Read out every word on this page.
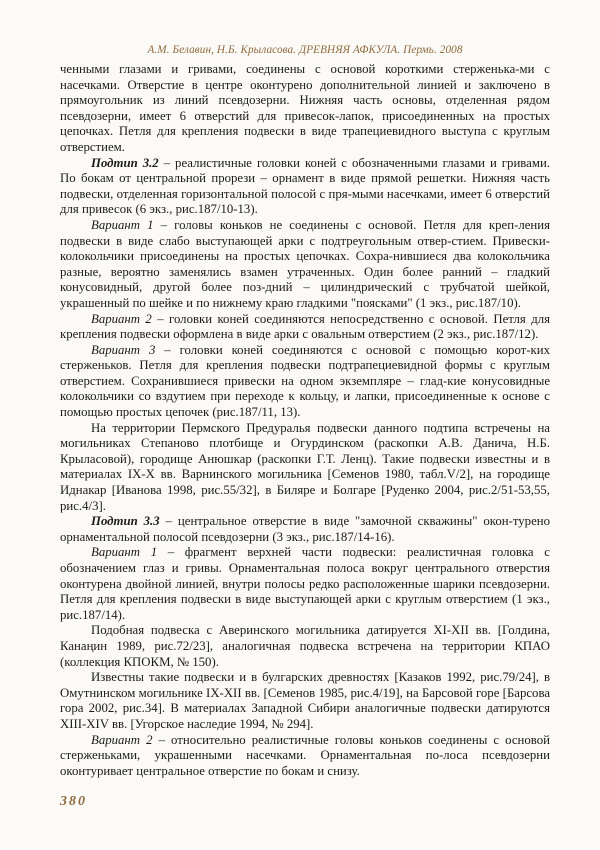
А.М. Белавин, Н.Б. Крыласова. ДРЕВНЯЯ АФКУЛА. Пермь. 2008

ченными глазами и гривами, соединены с основой короткими стерженька-ми с насечками. Отверстие в центре оконтурено дополнительной линией и заключено в прямоугольник из линий псевдозерни. Нижняя часть основы, отделенная рядом псевдозерни, имеет 6 отверстий для привесок-лапок, присоединенных на простых цепочках. Петля для крепления подвески в виде трапециевидного выступа с круглым отверстием.

Подтип 3.2 – реалистичные головки коней с обозначенными глазами и гривами. По бокам от центральной прорези – орнамент в виде прямой решетки. Нижняя часть подвески, отделенная горизонтальной полосой с пря-мыми насечками, имеет 6 отверстий для привесок (6 экз., рис.187/10-13).

Вариант 1 – головы коньков не соединены с основой. Петля для креп-ления подвески в виде слабо выступающей арки с подтреугольным отвер-стием. Привески-колокольчики присоединены на простых цепочках. Сохра-нившиеся два колокольчика разные, вероятно заменялись взамен утраченных. Один более ранний – гладкий конусовидный, другой более поз-дний – цилиндрический с трубчатой шейкой, украшенный по шейке и по нижнему краю гладкими "поясками" (1 экз., рис.187/10).

Вариант 2 – головки коней соединяются непосредственно с основой. Петля для крепления подвески оформлена в виде арки с овальным отверстием (2 экз., рис.187/12).

Вариант 3 – головки коней соединяются с основой с помощью корот-ких стерженьков. Петля для крепления подвески подтрапециевидной формы с круглым отверстием. Сохранившиеся привески на одном экземпляре – глад-кие конусовидные колокольчики со вздутием при переходе к кольцу, и лапки, присоединенные к основе с помощью простых цепочек (рис.187/11, 13).

На территории Пермского Предуралья подвески данного подтипа встречены на могильниках Степаново плотбище и Огурдинском (раскопки А.В. Данича, Н.Б. Крыласовой), городище Анюшкар (раскопки Г.Т. Ленц). Такие подвески известны и в материалах IX-X вв. Варнинского могильника [Семенов 1980, табл.V/2], на городище Иднакар [Иванова 1998, рис.55/32], в Билярe и Болгаре [Руденко 2004, рис.2/51-53,55, рис.4/3].

Подтип 3.3 – центральное отверстие в виде "замочной скважины" окон-турено орнаментальной полосой псевдозерни (3 экз., рис.187/14-16).

Вариант 1 – фрагмент верхней части подвески: реалистичная головка с обозначением глаз и гривы. Орнаментальная полоса вокруг центрального отверстия оконтурена двойной линией, внутри полосы редко расположенные шарики псевдозерни. Петля для крепления подвески в виде выступающей арки с круглым отверстием (1 экз., рис.187/14).

Подобная подвеска с Аверинского могильника датируется XI-XII вв. [Голдина, Канаңин 1989, рис.72/23], аналогичная подвеска встречена на территории КПАО (коллекция КПОКМ, № 150).

Известны такие подвески и в булгарских древностях [Казаков 1992, рис.79/24], в Омутнинском могильнике IX-XII вв. [Семенов 1985, рис.4/19], на Барсовой горе [Барсова гора 2002, рис.34]. В материалах Западной Сибири аналогичные подвески датируются XIII-XIV вв. [Угорское наследие 1994, № 294].

Вариант 2 – относительно реалистичные головы коньков соединены с основой стерженьками, украшенными насечками. Орнаментальная по-лоса псевдозерни оконтуривает центральное отверстие по бокам и снизу.

380
